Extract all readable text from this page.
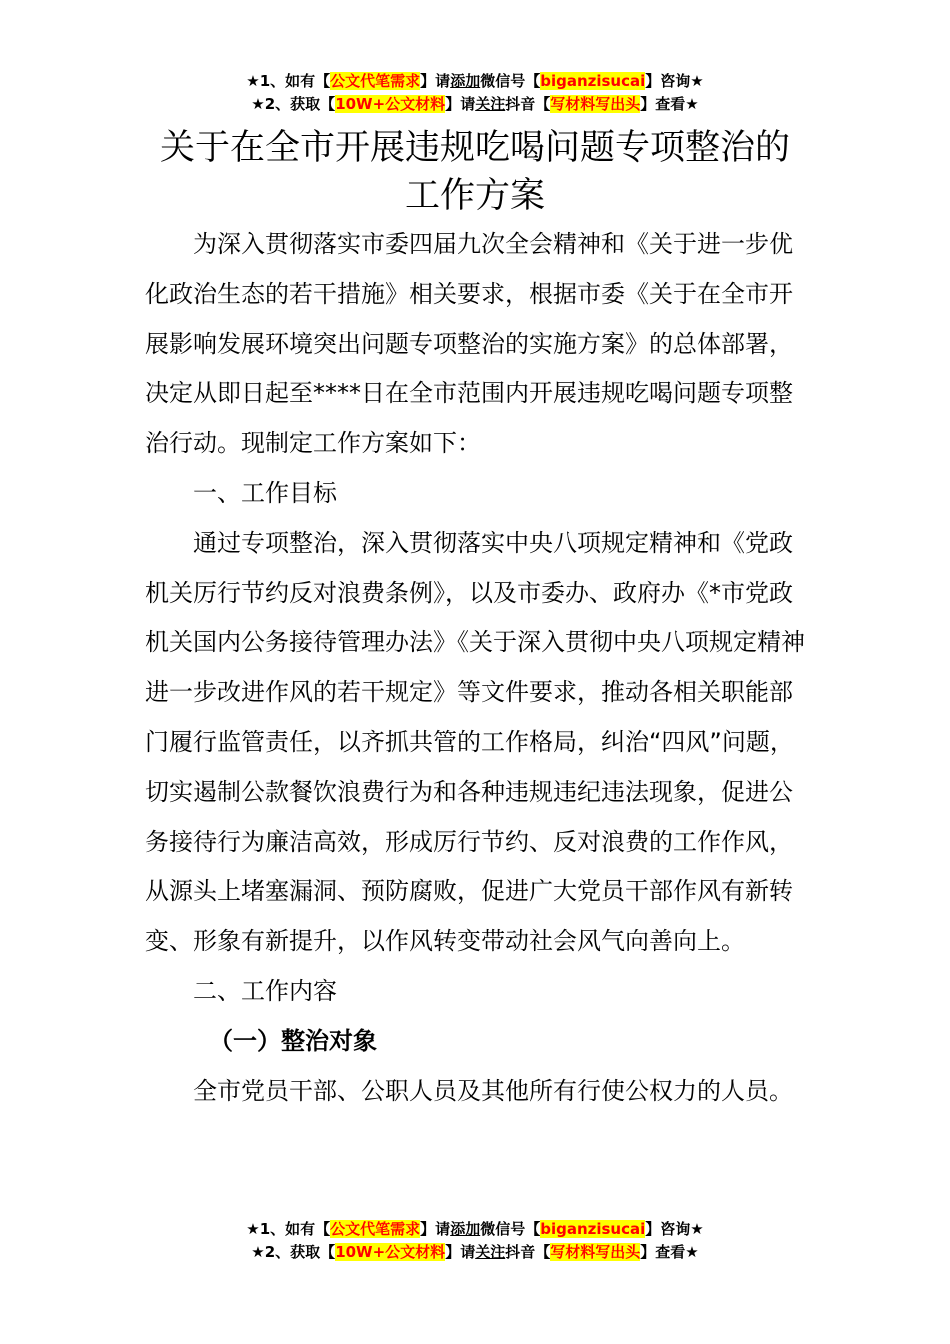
★1、如有【公文代笔需求】请添加微信号【biganzisucai】咨询★
★2、获取【10W+公文材料】请关注抖音【写材料写出头】查看★
关于在全市开展违规吃喝问题专项整治的
工作方案

为深入贯彻落实市委四届九次全会精神和《关于进一步优化政治生态的若干措施》相关要求，根据市委《关于在全市开展影响发展环境突出问题专项整治的实施方案》的总体部署，决定从即日起至****日在全市范围内开展违规吃喝问题专项整治行动。现制定工作方案如下：

一、工作目标

通过专项整治，深入贯彻落实中央八项规定精神和《党政机关厉行节约反对浪费条例》，以及市委办、政府办《*市党政机关国内公务接待管理办法》《关于深入贯彻中央八项规定精神进一步改进作风的若干规定》等文件要求，推动各相关职能部门履行监管责任，以齐抓共管的工作格局，纠治“四风”问题，切实遏制公款餐饮浪费行为和各种违规违纪违法现象，促进公务接待行为廉洁高效，形成厉行节约、反对浪费的工作作风，从源头上堵塞漏洞、预防腐败，促进广大党员干部作风有新转变、形象有新提升，以作风转变带动社会风气向善向上。

二、工作内容

（一）整治对象

全市党员干部、公职人员及其他所有行使公权力的人员。

★1、如有【公文代笔需求】请添加微信号【biganzisucai】咨询★
★2、获取【10W+公文材料】请关注抖音【写材料写出头】查看★
